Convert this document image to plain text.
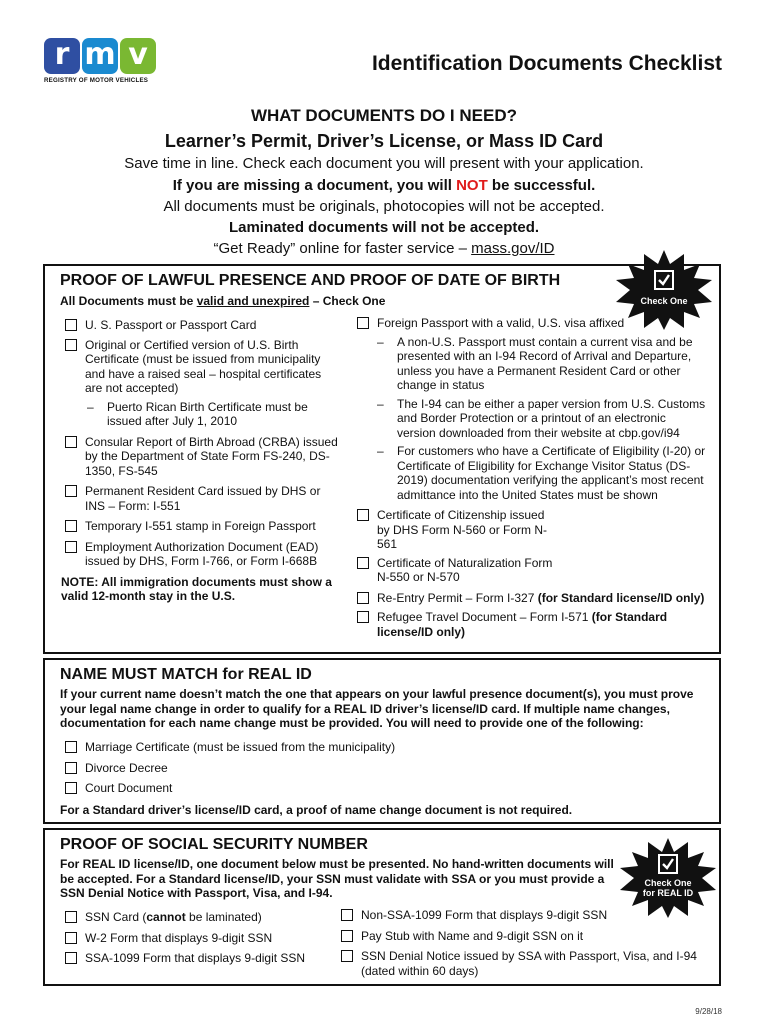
r m v
REGISTRY OF MOTOR VEHICLES
Identification Documents Checklist
WHAT DOCUMENTS DO I NEED?
Learner’s Permit, Driver’s License, or Mass ID Card
Save time in line. Check each document you will present with your application.
If you are missing a document, you will NOT be successful.
All documents must be originals, photocopies will not be accepted.
Laminated documents will not be accepted.
“Get Ready” online for faster service – mass.gov/ID
PROOF OF LAWFUL PRESENCE AND PROOF OF DATE OF BIRTH
All Documents must be valid and unexpired – Check One
U. S. Passport or Passport Card
Original or Certified version of U.S. Birth Certificate (must be issued from municipality and have a raised seal – hospital certificates are not accepted)
–	Puerto Rican Birth Certificate must be issued after July 1, 2010
Consular Report of Birth Abroad (CRBA) issued by the Department of State Form FS-240, DS-1350, FS-545
Permanent Resident Card issued by DHS or INS – Form: I-551
Temporary I-551 stamp in Foreign Passport
Employment Authorization Document (EAD) issued by DHS, Form I-766, or Form I-668B
NOTE: All immigration documents must show a valid 12-month stay in the U.S.
Foreign Passport with a valid, U.S. visa affixed
–	A non-U.S. Passport must contain a current visa and be presented with an I-94 Record of Arrival and Departure, unless you have a Permanent Resident Card or other change in status
–	The I-94 can be either a paper version from U.S. Customs and Border Protection or a printout of an electronic version downloaded from their website at cbp.gov/i94
–	For customers who have a Certificate of Eligibility (I-20) or Certificate of Eligibility for Exchange Visitor Status (DS-2019) documentation verifying the applicant’s most recent admittance into the United States must be shown
Certificate of Citizenship issued by DHS Form N-560 or Form N-561
Certificate of Naturalization Form N-550 or N-570
Re-Entry Permit – Form I-327 (for Standard license/ID only)
Refugee Travel Document – Form I-571 (for Standard license/ID only)
Check One
NAME MUST MATCH for REAL ID
If your current name doesn’t match the one that appears on your lawful presence document(s), you must prove your legal name change in order to qualify for a REAL ID driver’s license/ID card. If multiple name changes, documentation for each name change must be provided. You will need to provide one of the following:
Marriage Certificate (must be issued from the municipality)
Divorce Decree
Court Document
For a Standard driver’s license/ID card, a proof of name change document is not required.
PROOF OF SOCIAL SECURITY NUMBER
For REAL ID license/ID, one document below must be presented. No hand-written documents will be accepted. For a Standard license/ID, your SSN must validate with SSA or you must provide a SSN Denial Notice with Passport, Visa, and I-94.
SSN Card (cannot be laminated)
W-2 Form that displays 9-digit SSN
SSA-1099 Form that displays 9-digit SSN
Non-SSA-1099 Form that displays 9-digit SSN
Pay Stub with Name and 9-digit SSN on it
SSN Denial Notice issued by SSA with Passport, Visa, and I-94 (dated within 60 days)
Check One
for REAL ID
9/28/18
